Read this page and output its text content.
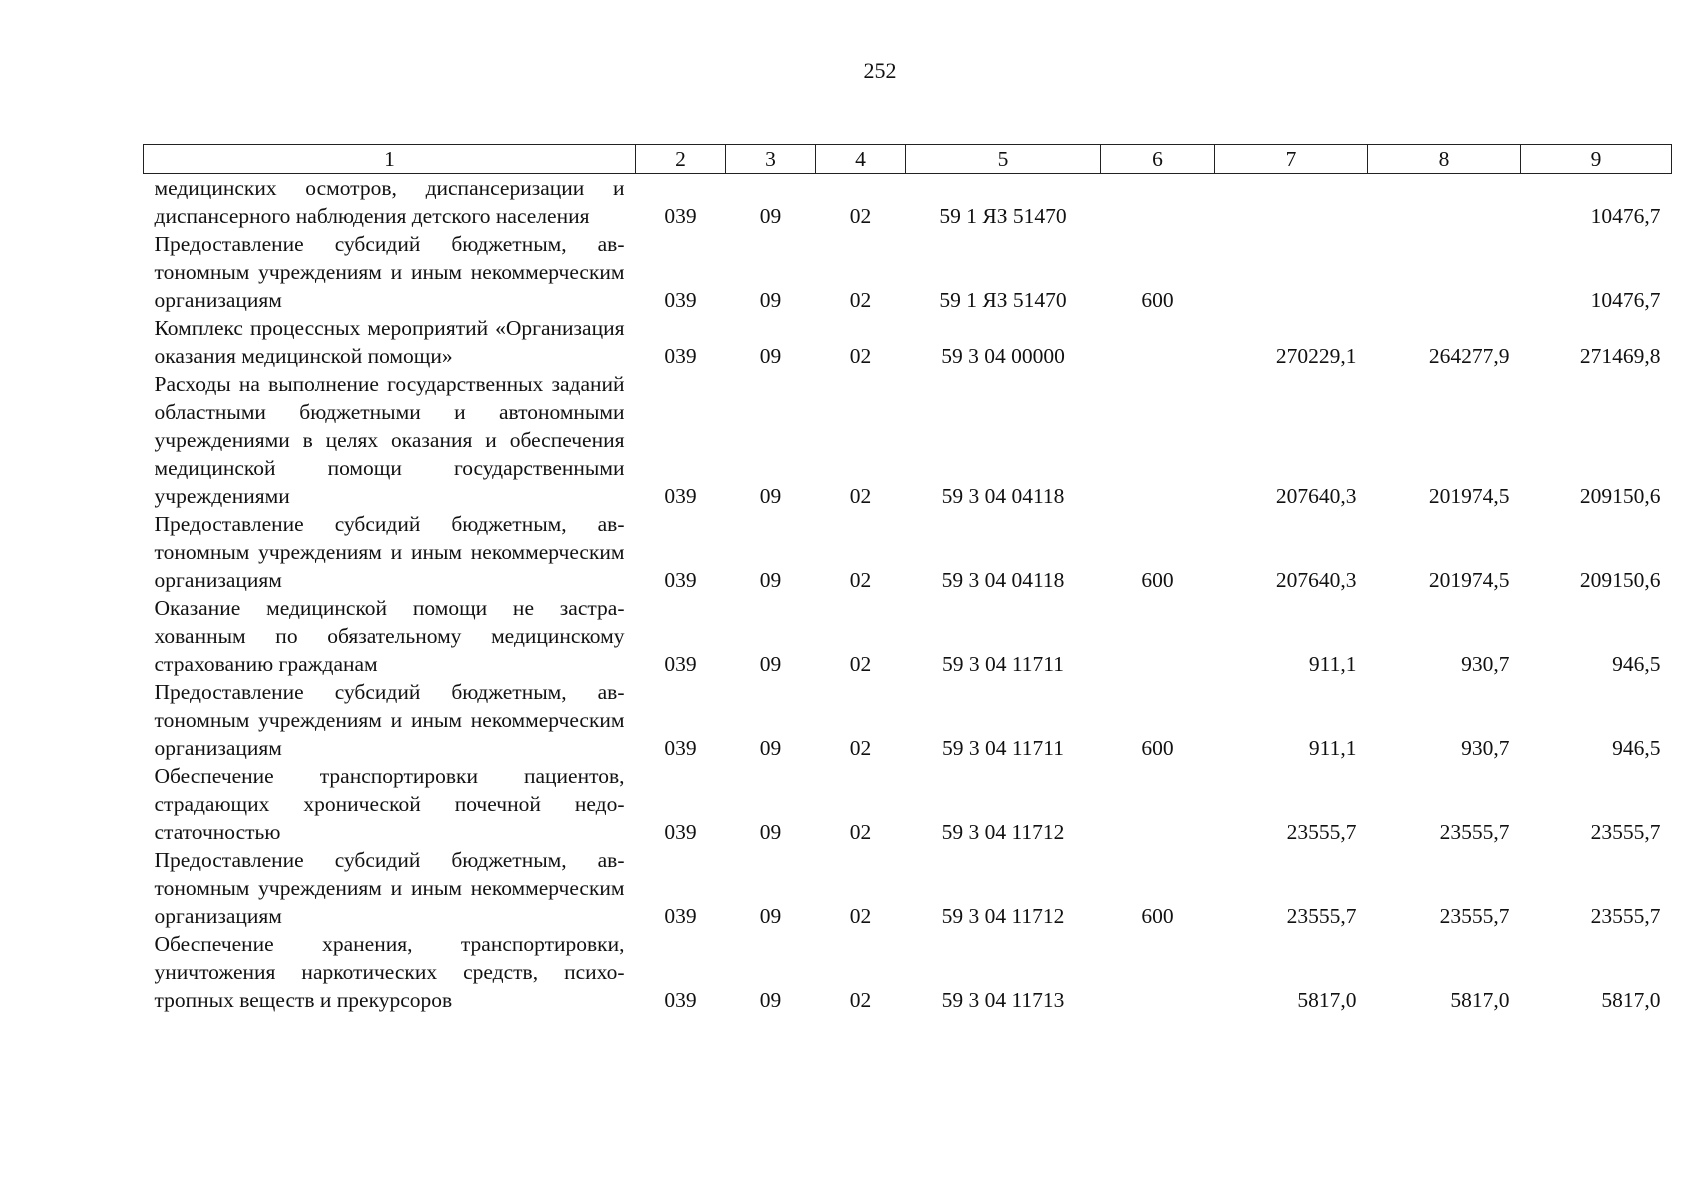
252
1	2	3	4	5	6	7	8	9
медицинских осмотров, диспансеризации и диспансерного наблюдения детского населения	039	09	02	59 1 ЯЗ 51470				10476,7
Предоставление субсидий бюджетным, автономным учреждениям и иным некоммерческим организациям	039	09	02	59 1 ЯЗ 51470	600			10476,7
Комплекс процессных мероприятий «Организация оказания медицинской помощи»	039	09	02	59 3 04 00000		270229,1	264277,9	271469,8
Расходы на выполнение государственных заданий областными бюджетными и автономными учреждениями в целях оказания и обеспечения медицинской помощи государственными учреждениями	039	09	02	59 3 04 04118		207640,3	201974,5	209150,6
Предоставление субсидий бюджетным, автономным учреждениям и иным некоммерческим организациям	039	09	02	59 3 04 04118	600	207640,3	201974,5	209150,6
Оказание медицинской помощи не застрахованным по обязательному медицинскому страхованию гражданам	039	09	02	59 3 04 11711		911,1	930,7	946,5
Предоставление субсидий бюджетным, автономным учреждениям и иным некоммерческим организациям	039	09	02	59 3 04 11711	600	911,1	930,7	946,5
Обеспечение транспортировки пациентов, страдающих хронической почечной недостаточностью	039	09	02	59 3 04 11712		23555,7	23555,7	23555,7
Предоставление субсидий бюджетным, автономным учреждениям и иным некоммерческим организациям	039	09	02	59 3 04 11712	600	23555,7	23555,7	23555,7
Обеспечение хранения, транспортировки, уничтожения наркотических средств, психотропных веществ и прекурсоров	039	09	02	59 3 04 11713		5817,0	5817,0	5817,0
